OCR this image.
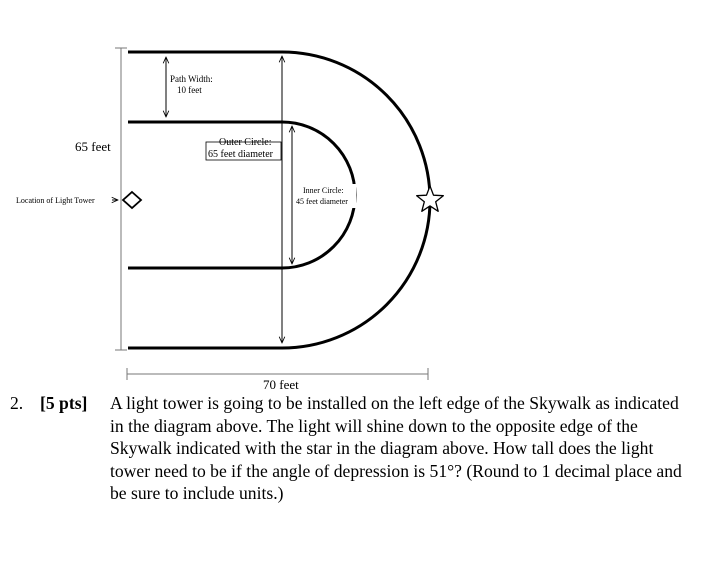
65 feet
Path Width:
10 feet
Outer Circle:
65 feet diameter
Inner Circle:
45 feet diameter
Location of Light Tower
70 feet
2. [5 pts] A light tower is going to be installed on the left edge of the Skywalk as indicated in the diagram above. The light will shine down to the opposite edge of the Skywalk indicated with the star in the diagram above. How tall does the light tower need to be if the angle of depression is 51°? (Round to 1 decimal place and be sure to include units.)
